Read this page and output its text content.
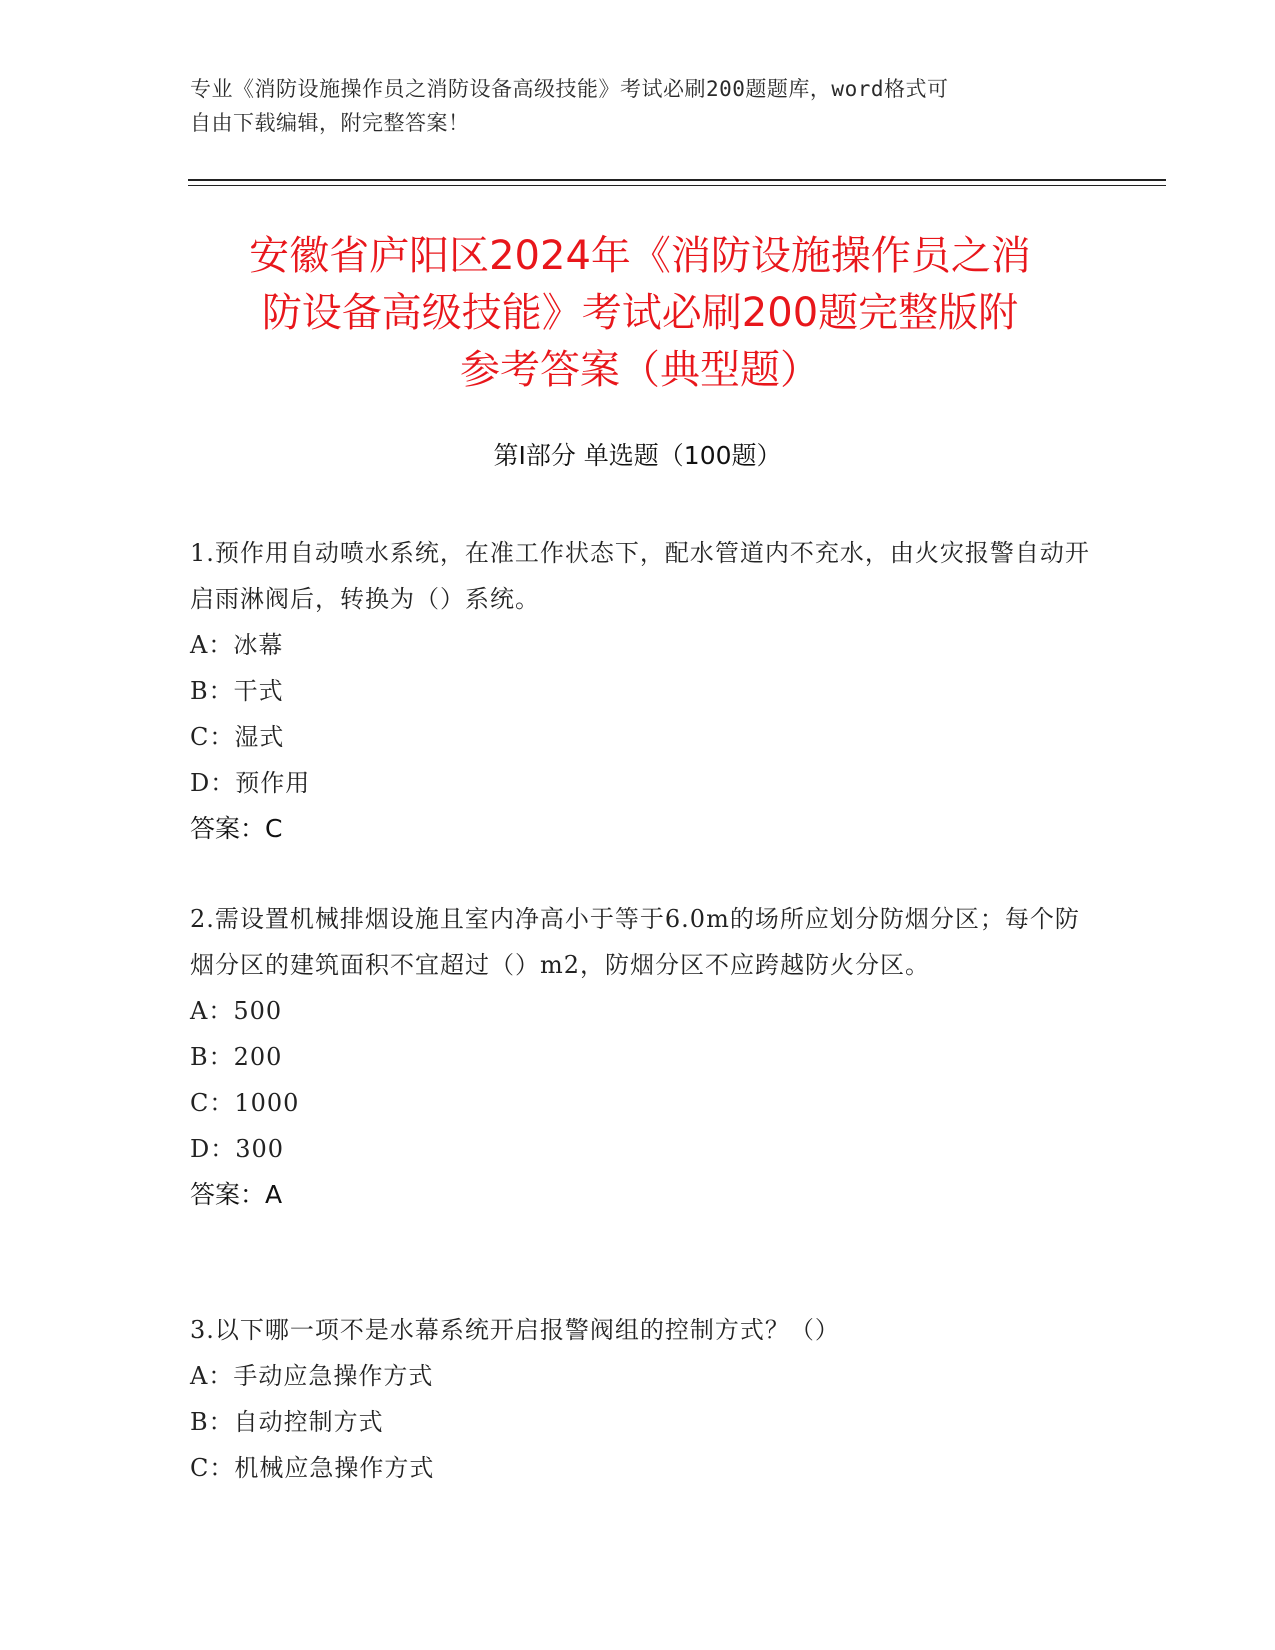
专业《消防设施操作员之消防设备高级技能》考试必刷200题题库，word格式可
自由下载编辑，附完整答案！
安徽省庐阳区2024年《消防设施操作员之消
防设备高级技能》考试必刷200题完整版附
参考答案（典型题）
第Ⅰ部分 单选题（100题）
1.预作用自动喷水系统，在准工作状态下，配水管道内不充水，由火灾报警自动开启雨淋阀后，转换为（）系统。
A：冰幕
B：干式
C：湿式
D：预作用
答案：C
2.需设置机械排烟设施且室内净高小于等于6.0m的场所应划分防烟分区；每个防烟分区的建筑面积不宜超过（）m2，防烟分区不应跨越防火分区。
A：500
B：200
C：1000
D：300
答案：A
3.以下哪一项不是水幕系统开启报警阀组的控制方式？（）
A：手动应急操作方式
B：自动控制方式
C：机械应急操作方式
